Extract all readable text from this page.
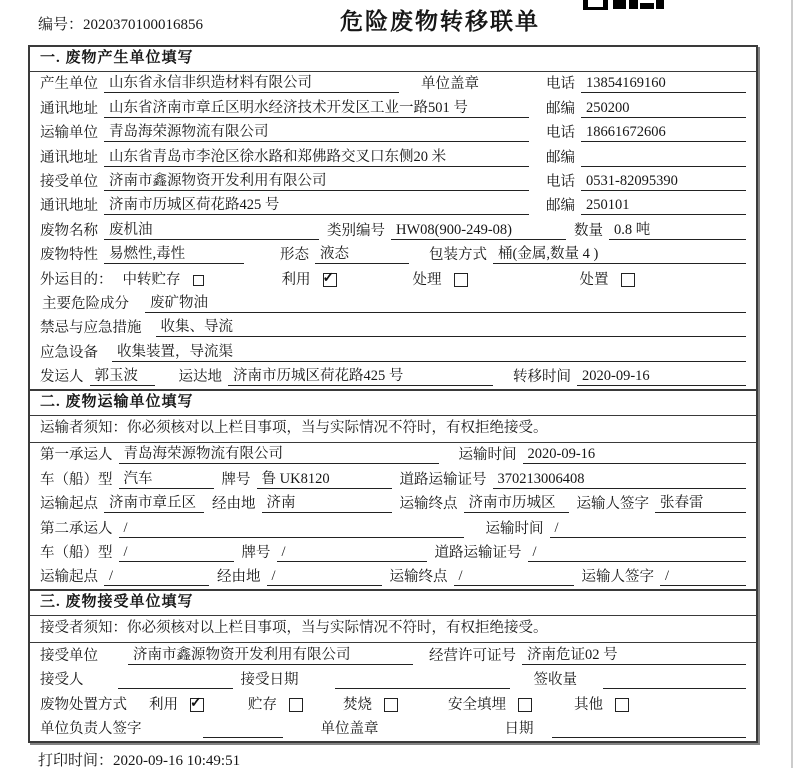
编号：2020370100016856	危险废物转移联单
一. 废物产生单位填写
产生单位 山东省永信非织造材料有限公司	单位盖章	电话 13854169160
通讯地址 山东省济南市章丘区明水经济技术开发区工业一路501 号	邮编 250200
运输单位 青岛海荣源物流有限公司	电话 18661672606
通讯地址 山东省青岛市李沧区徐水路和郑佛路交叉口东侧20 米	邮编
接受单位 济南市鑫源物资开发利用有限公司	电话 0531-82095390
通讯地址 济南市历城区荷花路425 号	邮编 250101
废物名称 废机油	类别编号 HW08(900-249-08)	数量 0.8 吨
废物特性 易燃性,毒性	形态 液态	包装方式 桶(金属,数量 4 )
外运目的： 中转贮存	利用 ✓	处理	处置
主要危险成分	废矿物油
禁忌与应急措施	收集、导流
应急设备	收集装置，导流渠
发运人 郭玉波	运达地 济南市历城区荷花路425 号	转移时间 2020-09-16
二. 废物运输单位填写
运输者须知：你必须核对以上栏目事项，当与实际情况不符时，有权拒绝接受。
第一承运人 青岛海荣源物流有限公司	运输时间 2020-09-16
车（船）型 汽车	牌号 鲁 UK8120	道路运输证号 370213006408
运输起点 济南市章丘区	经由地 济南	运输终点 济南市历城区	运输人签字 张春雷
第二承运人 /	运输时间 /
车（船）型 /	牌号 /	道路运输证号 /
运输起点 /	经由地 /	运输终点 /	运输人签字 /
三. 废物接受单位填写
接受者须知：你必须核对以上栏目事项，当与实际情况不符时，有权拒绝接受。
接受单位	济南市鑫源物资开发利用有限公司	经营许可证号 济南危证02 号
接受人	接受日期	签收量
废物处置方式 利用 ✓	贮存	焚烧	安全填埋	其他
单位负责人签字	单位盖章	日期
打印时间：2020-09-16 10:49:51
